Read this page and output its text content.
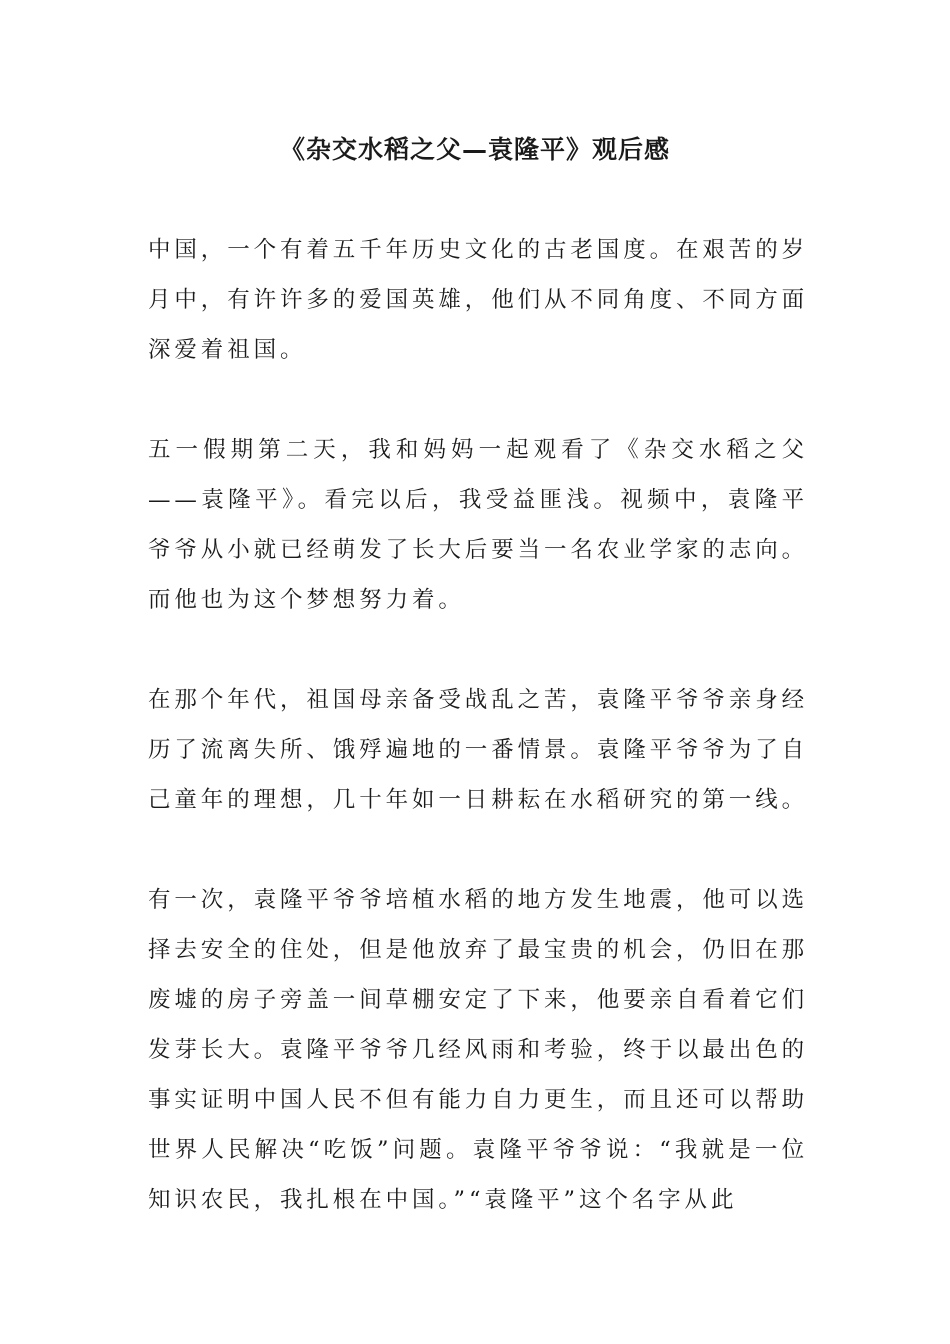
《杂交水稻之父—袁隆平》观后感

中国，一个有着五千年历史文化的古老国度。在艰苦的岁月中，有许许多的爱国英雄，他们从不同角度、不同方面深爱着祖国。

五一假期第二天，我和妈妈一起观看了《杂交水稻之父——袁隆平》。看完以后，我受益匪浅。视频中，袁隆平爷爷从小就已经萌发了长大后要当一名农业学家的志向。而他也为这个梦想努力着。

在那个年代，祖国母亲备受战乱之苦，袁隆平爷爷亲身经历了流离失所、饿殍遍地的一番情景。袁隆平爷爷为了自己童年的理想，几十年如一日耕耘在水稻研究的第一线。

有一次，袁隆平爷爷培植水稻的地方发生地震，他可以选择去安全的住处，但是他放弃了最宝贵的机会，仍旧在那废墟的房子旁盖一间草棚安定了下来，他要亲自看着它们发芽长大。袁隆平爷爷几经风雨和考验，终于以最出色的事实证明中国人民不但有能力自力更生，而且还可以帮助世界人民解决“吃饭”问题。袁隆平爷爷说：“我就是一位知识农民，我扎根在中国。”“袁隆平”这个名字从此
